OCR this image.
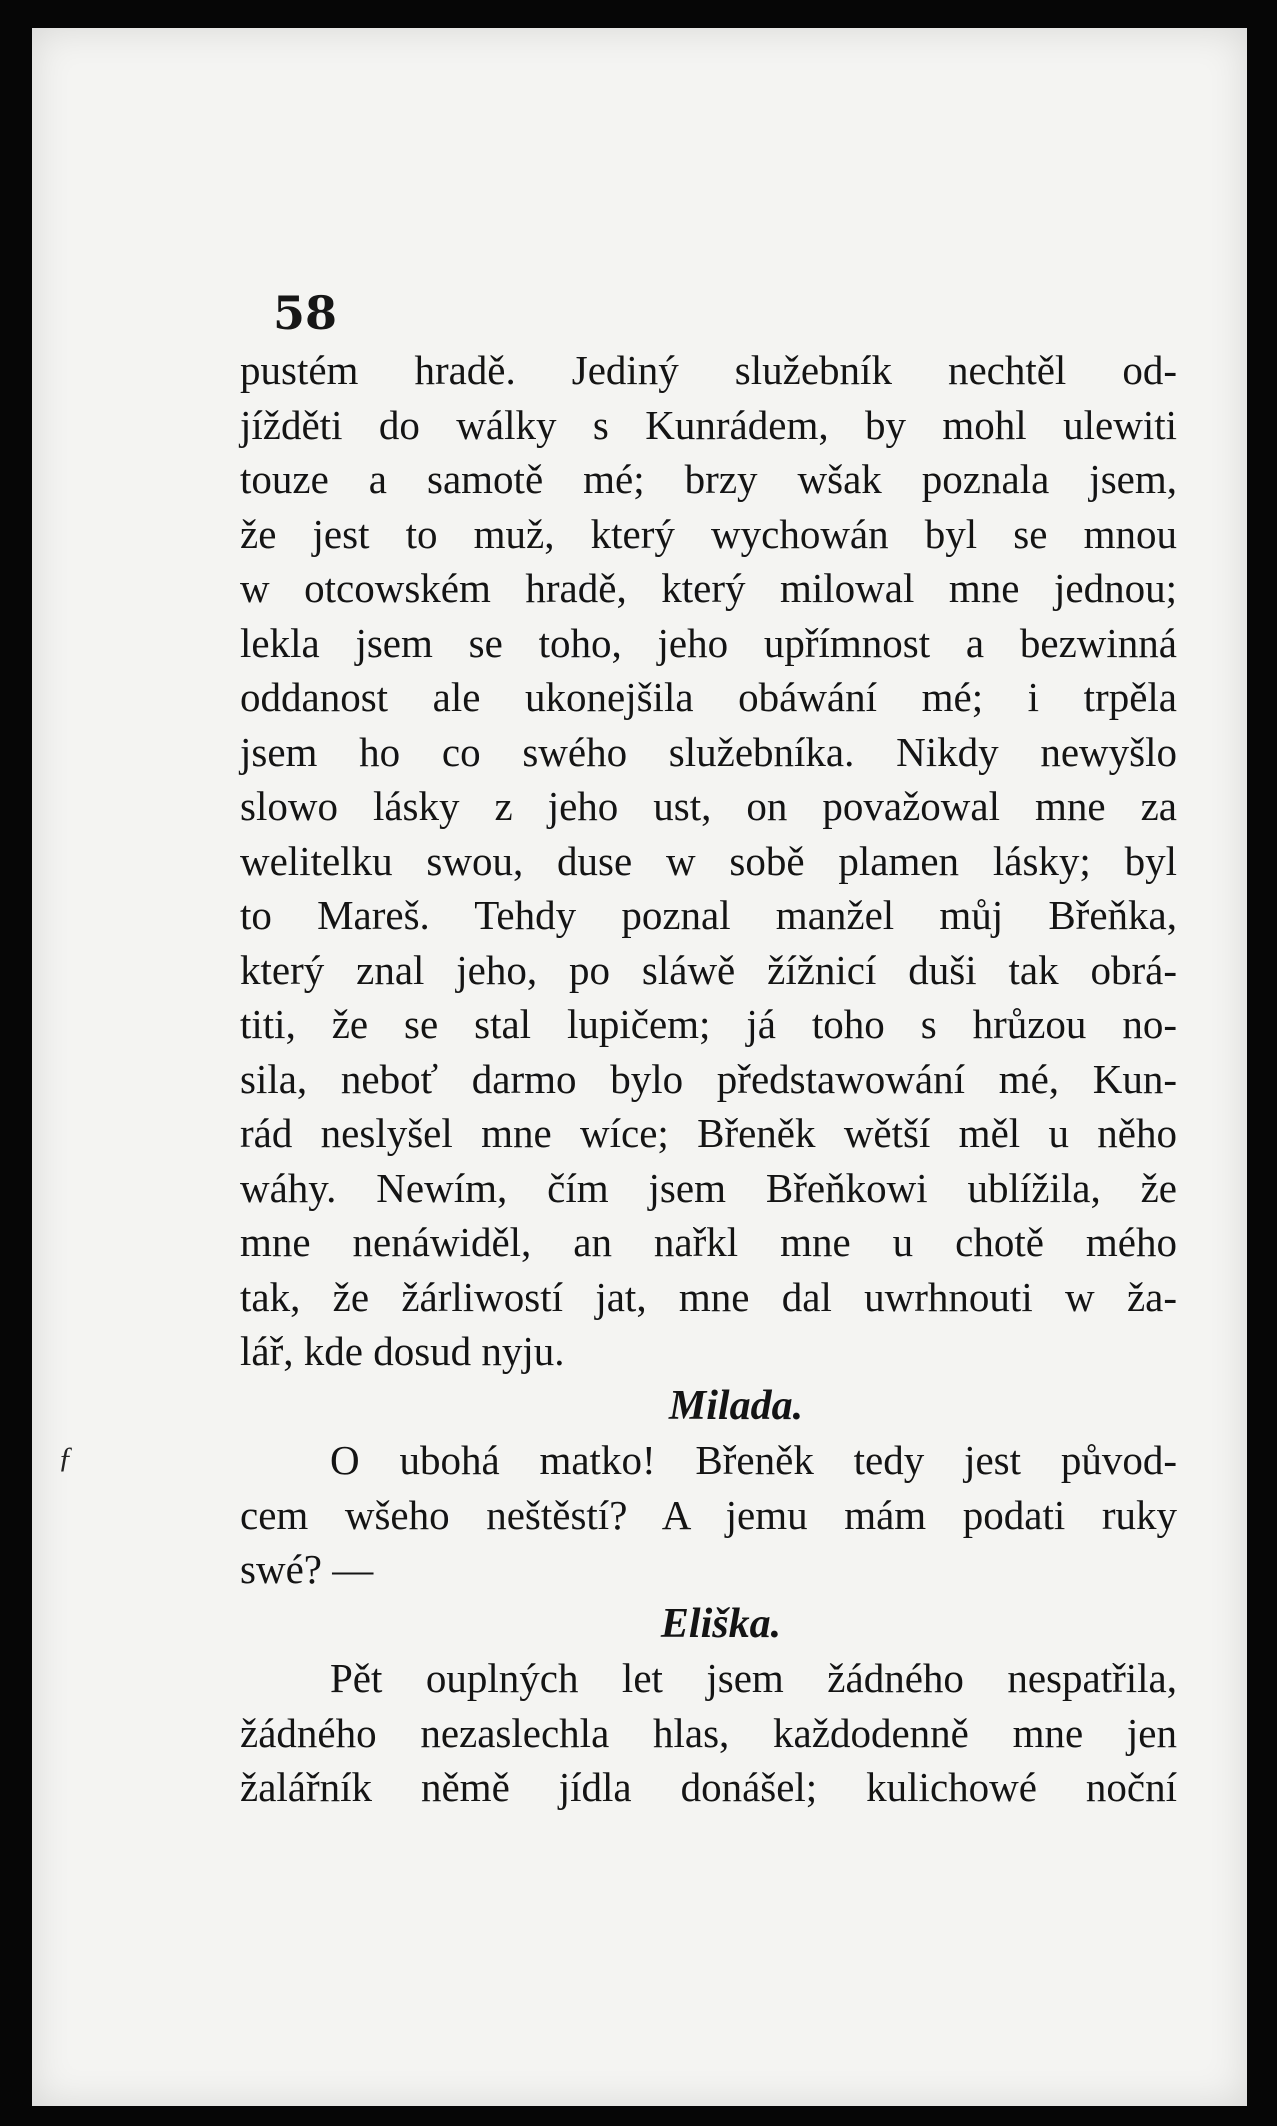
58

ƒ
pustém hradě. Jediný služebník nechtěl od-
jížděti do wálky s Kunrádem, by mohl ulewiti
touze a samotě mé; brzy wšak poznala jsem,
že jest to muž, který wychowán byl se mnou
w otcowském hradě, který milowal mne jednou;
lekla jsem se toho, jeho upřímnost a bezwinná
oddanost ale ukonejšila obáwání mé; i trpěla
jsem ho co swého služebníka. Nikdy newyšlo
slowo lásky z jeho ust, on považowal mne za
welitelku swou, duse w sobě plamen lásky; byl
to Mareš. Tehdy poznal manžel můj Břeňka,
který znal jeho, po sláwě žížnicí duši tak obrá-
titi, že se stal lupičem; já toho s hrůzou no-
sila, neboť darmo bylo předstawowání mé, Kun-
rád neslyšel mne wíce; Břeněk wětší měl u něho
wáhy. Newím, čím jsem Břeňkowi ublížila, že
mne nenáwiděl, an nařkl mne u chotě mého
tak, že žárliwostí jat, mne dal uwrhnouti w ža-
lář, kde dosud nyju.
Milada.
O ubohá matko! Břeněk tedy jest původ-
cem wšeho neštěstí? A jemu mám podati ruky
swé? —
Eliška.
Pět ouplných let jsem žádného nespatřila,
žádného nezaslechla hlas, každodenně mne jen
žalářník němě jídla donášel; kulichowé noční
